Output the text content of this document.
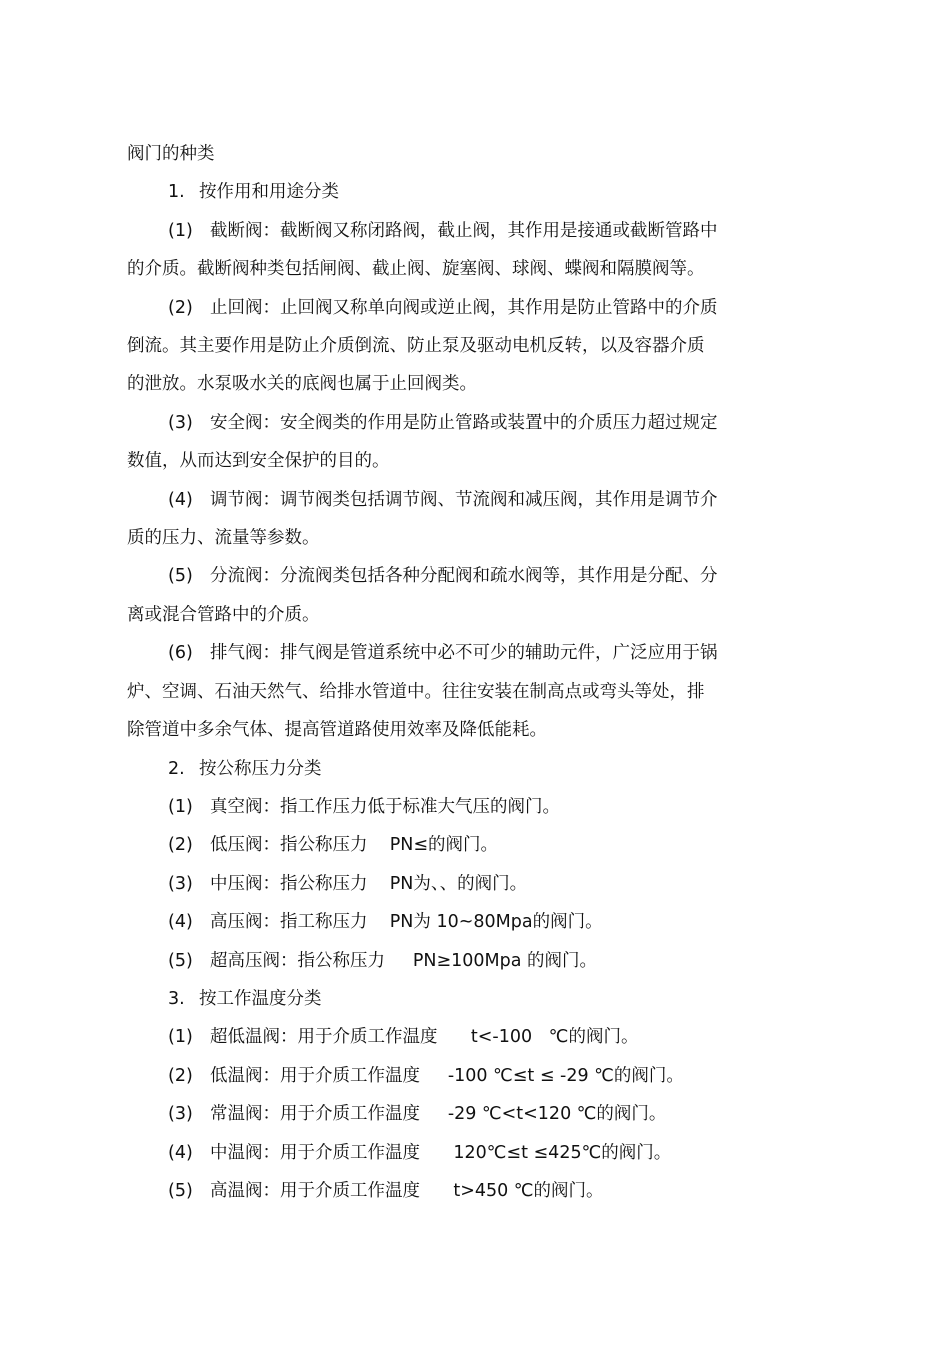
阀门的种类

1. 按作用和用途分类

(1) 截断阀：截断阀又称闭路阀，截止阀，其作用是接通或截断管路中

的介质。截断阀种类包括闸阀、截止阀、旋塞阀、球阀、蝶阀和隔膜阀等。

(2) 止回阀：止回阀又称单向阀或逆止阀，其作用是防止管路中的介质

倒流。其主要作用是防止介质倒流、防止泵及驱动电机反转，以及容器介质

的泄放。水泵吸水关的底阀也属于止回阀类。

(3) 安全阀：安全阀类的作用是防止管路或装置中的介质压力超过规定

数值，从而达到安全保护的目的。

(4) 调节阀：调节阀类包括调节阀、节流阀和减压阀，其作用是调节介

质的压力、流量等参数。

(5) 分流阀：分流阀类包括各种分配阀和疏水阀等，其作用是分配、分

离或混合管路中的介质。

(6) 排气阀：排气阀是管道系统中必不可少的辅助元件，广泛应用于锅

炉、空调、石油天然气、给排水管道中。往往安装在制高点或弯头等处，排

除管道中多余气体、提高管道路使用效率及降低能耗。

2. 按公称压力分类

(1) 真空阀：指工作压力低于标准大气压的阀门。

(2) 低压阀：指公称压力    PN≤的阀门。

(3) 中压阀：指公称压力    PN为、、的阀门。

(4) 高压阀：指工称压力    PN为 10~80Mpa的阀门。

(5) 超高压阀：指公称压力     PN≥100Mpa 的阀门。

3. 按工作温度分类

(1) 超低温阀：用于介质工作温度      t<-100   ℃的阀门。

(2) 低温阀：用于介质工作温度     -100 ℃≤t ≤ -29 ℃的阀门。

(3) 常温阀：用于介质工作温度     -29 ℃<t<120 ℃的阀门。

(4) 中温阀：用于介质工作温度      120℃≤t ≤425℃的阀门。

(5) 高温阀：用于介质工作温度      t>450 ℃的阀门。
